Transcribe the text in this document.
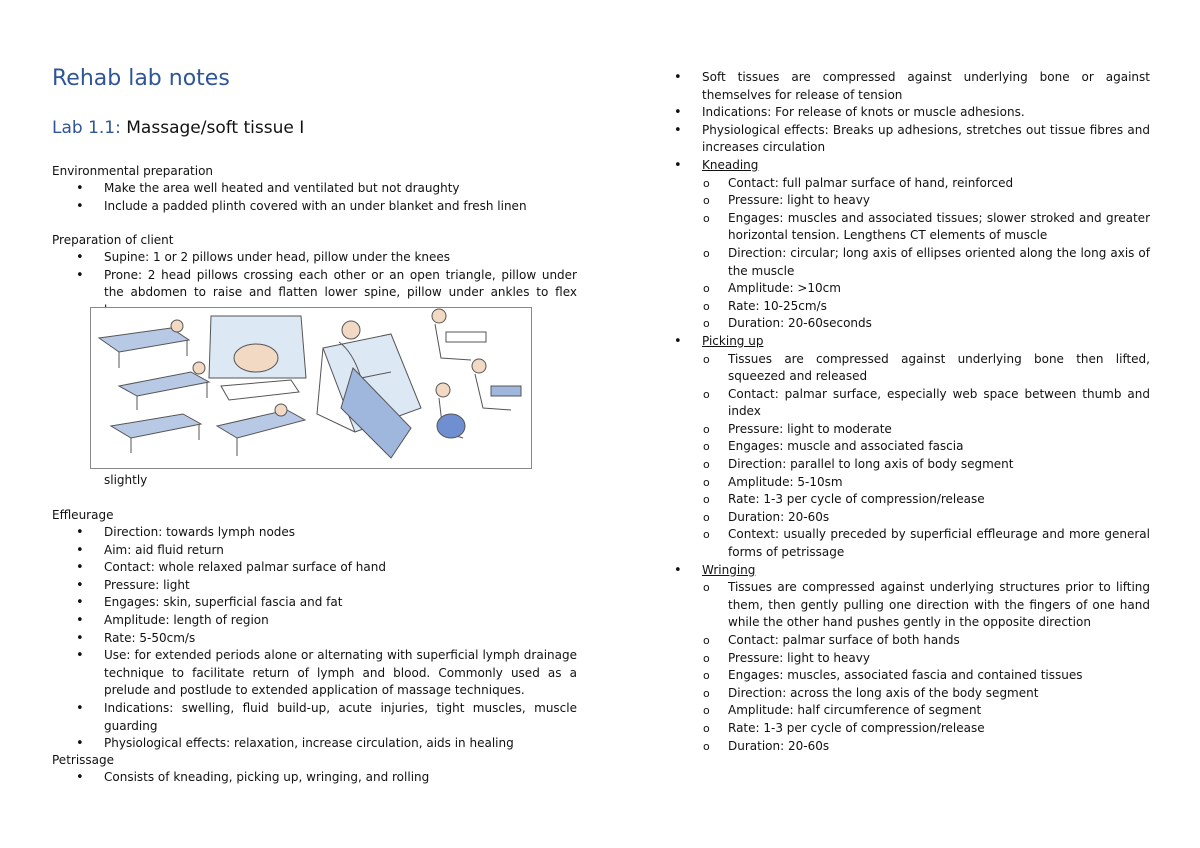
Rehab lab notes
Lab 1.1: Massage/soft tissue I

Environmental preparation

• Make the area well heated and ventilated but not draughty
• Include a padded plinth covered with an under blanket and fresh linen

Preparation of client

• Supine: 1 or 2 pillows under head, pillow under the knees
• Prone: 2 head pillows crossing each other or an open triangle, pillow under the abdomen to raise and flatten lower spine, pillow under ankles to flex
slightly

Effleurage

• Direction: towards lymph nodes
• Aim: aid fluid return
• Contact: whole relaxed palmar surface of hand
• Pressure: light
• Engages: skin, superficial fascia and fat
• Amplitude: length of region
• Rate: 5-50cm/s
• Use: for extended periods alone or alternating with superficial lymph drainage technique to facilitate return of lymph and blood. Commonly used as a prelude and postlude to extended application of massage techniques.
• Indications: swelling, fluid build-up, acute injuries, tight muscles, muscle guarding
• Physiological effects: relaxation, increase circulation, aids in healing

Petrissage

• Consists of kneading, picking up, wringing, and rolling
• Soft tissues are compressed against underlying bone or against themselves for release of tension
• Indications: For release of knots or muscle adhesions.
• Physiological effects: Breaks up adhesions, stretches out tissue fibres and increases circulation
• Kneading
o Contact: full palmar surface of hand, reinforced
o Pressure: light to heavy
o Engages: muscles and associated tissues; slower stroked and greater horizontal tension. Lengthens CT elements of muscle
o Direction: circular; long axis of ellipses oriented along the long axis of the muscle
o Amplitude: >10cm
o Rate: 10-25cm/s
o Duration: 20-60seconds
• Picking up
o Tissues are compressed against underlying bone then lifted, squeezed and released
o Contact: palmar surface, especially web space between thumb and index
o Pressure: light to moderate
o Engages: muscle and associated fascia
o Direction: parallel to long axis of body segment
o Amplitude: 5-10sm
o Rate: 1-3 per cycle of compression/release
o Duration: 20-60s
o Context: usually preceded by superficial effleurage and more general forms of petrissage
• Wringing
o Tissues are compressed against underlying structures prior to lifting them, then gently pulling one direction with the fingers of one hand while the other hand pushes gently in the opposite direction
o Contact: palmar surface of both hands
o Pressure: light to heavy
o Engages: muscles, associated fascia and contained tissues
o Direction: across the long axis of the body segment
o Amplitude: half circumference of segment
o Rate: 1-3 per cycle of compression/release
o Duration: 20-60s
